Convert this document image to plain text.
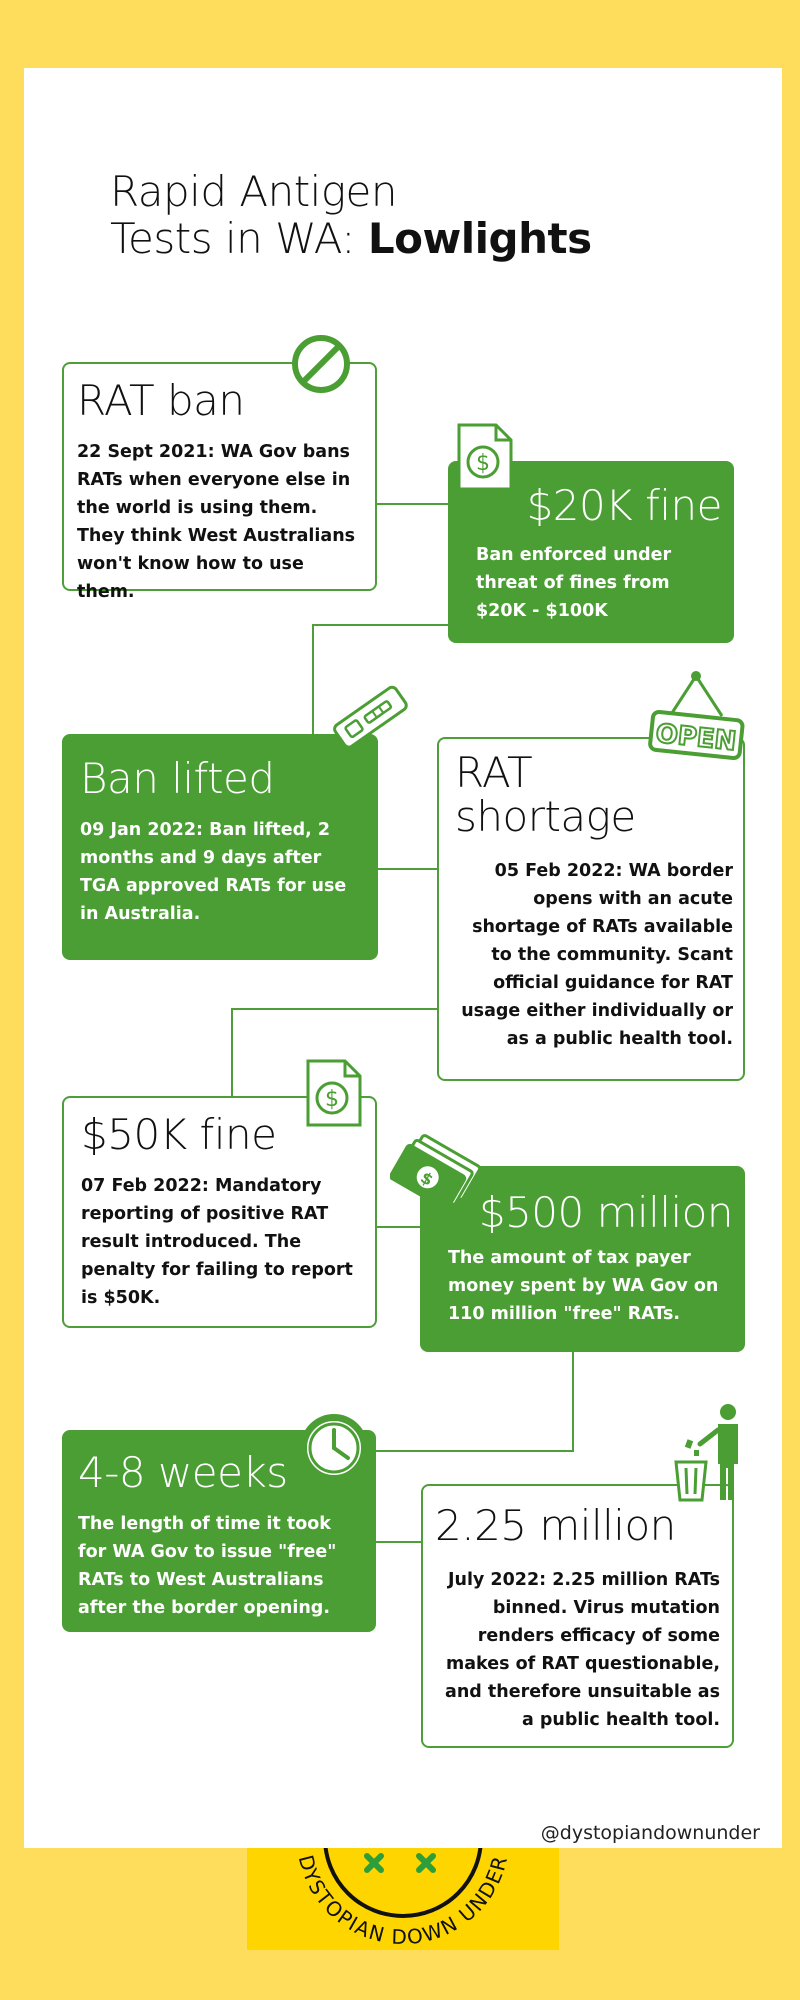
Rapid Antigen
Tests in WA: Lowlights
RAT ban

22 Sept 2021: WA Gov bans RATs when everyone else in the world is using them. They think West Australians won't know how to use them.

$20K fine

Ban enforced under threat of fines from $20K - $100K

Ban lifted

09 Jan 2022: Ban lifted, 2 months and 9 days after TGA approved RATs for use in Australia.

RAT
shortage

05 Feb 2022: WA border opens with an acute shortage of RATs available to the community. Scant official guidance for RAT usage either individually or as a public health tool.

$50K fine

07 Feb 2022: Mandatory reporting of positive RAT result introduced. The penalty for failing to report is $50K.

$500 million

The amount of tax payer money spent by WA Gov on 110 million "free" RATs.

4-8 weeks

The length of time it took for WA Gov to issue "free" RATs to West Australians after the border opening.

2.25 million

July 2022: 2.25 million RATs binned. Virus mutation renders efficacy of some makes of RAT questionable, and therefore unsuitable as a public health tool.

$
OPEN
$
$
@dystopiandownunder
DYSTOPIAN DOWN UNDER
